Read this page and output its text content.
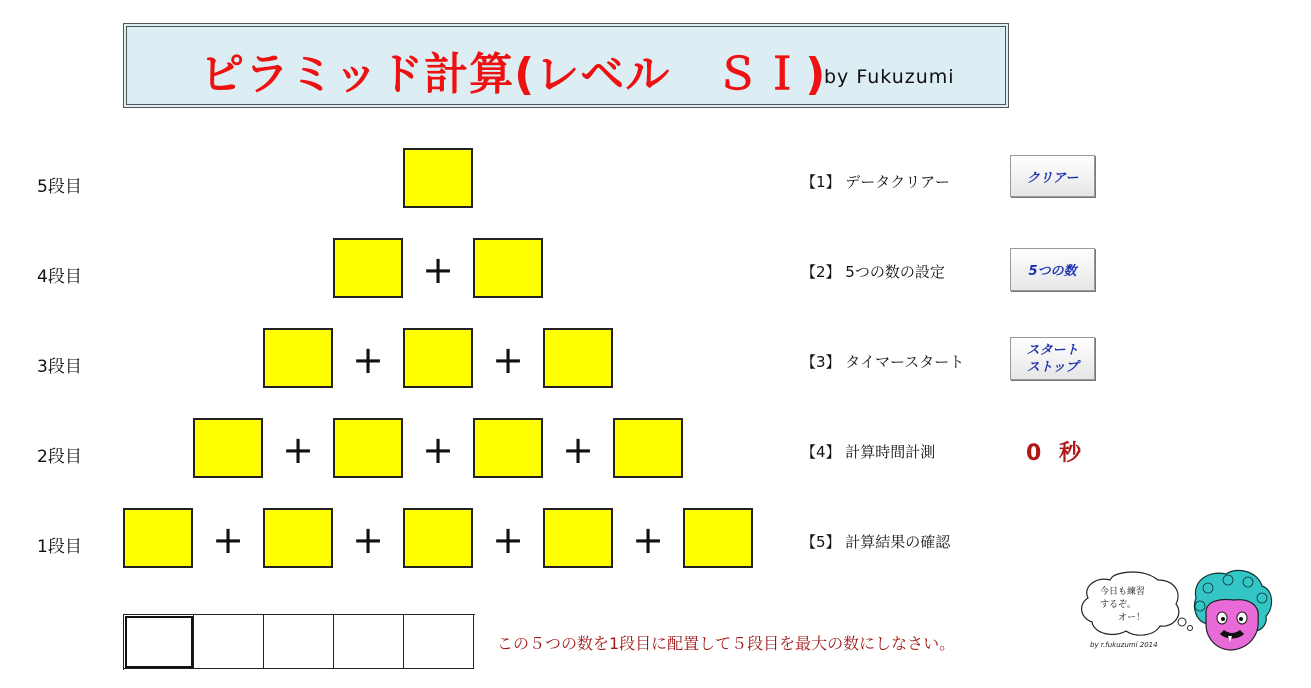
ピラミッド計算(レベル　ＳＩ)
by Fukuzumi
5段目
4段目
3段目
2段目
1段目
+
+	+
+	+	+
+	+	+	+
【1】 データクリアー
【2】 5つの数の設定
【3】 タイマースタート
【4】 計算時間計測
【5】 計算結果の確認
クリアー
5つの数
スタート
ストップ
0 秒
この５つの数を1段目に配置して５段目を最大の数にしなさい。
今日も練習
するぞ。
オー！
by r.fukuzumi 2014
